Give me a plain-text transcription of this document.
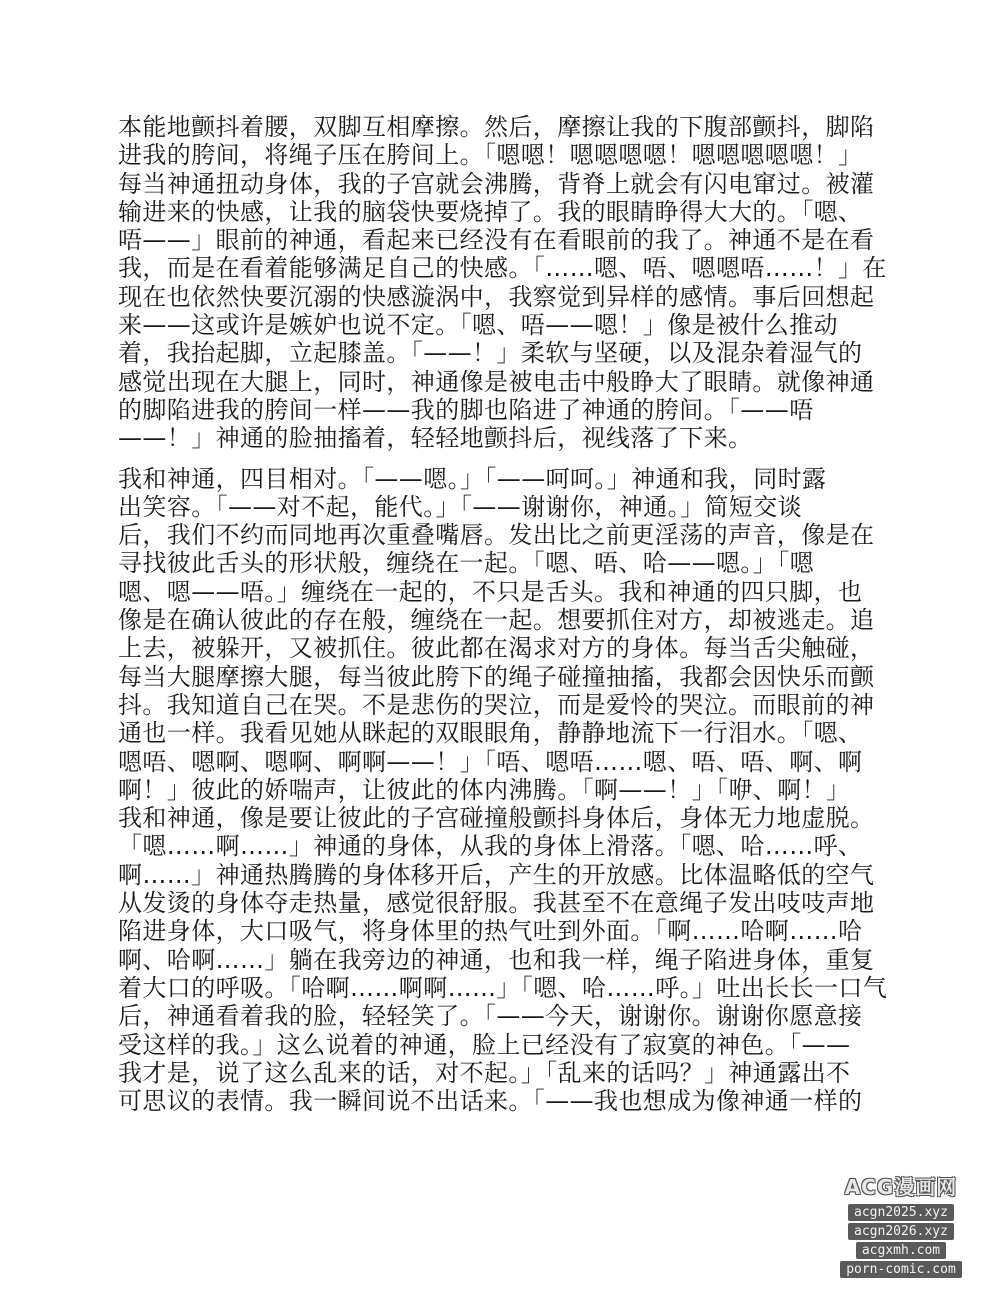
本能地颤抖着腰，双脚互相摩擦。然后，摩擦让我的下腹部颤抖，脚陷
进我的胯间，将绳子压在胯间上。「嗯嗯！嗯嗯嗯嗯！嗯嗯嗯嗯嗯！」
每当神通扭动身体，我的子宫就会沸腾，背脊上就会有闪电窜过。被灌
输进来的快感，让我的脑袋快要烧掉了。我的眼睛睁得大大的。「嗯、
唔——」眼前的神通，看起来已经没有在看眼前的我了。神通不是在看
我，而是在看着能够满足自己的快感。「……嗯、唔、嗯嗯唔……！」在
现在也依然快要沉溺的快感漩涡中，我察觉到异样的感情。事后回想起
来——这或许是嫉妒也说不定。「嗯、唔——嗯！」像是被什么推动
着，我抬起脚，立起膝盖。「——！」柔软与坚硬，以及混杂着湿气的
感觉出现在大腿上，同时，神通像是被电击中般睁大了眼睛。就像神通
的脚陷进我的胯间一样——我的脚也陷进了神通的胯间。「——唔
——！」神通的脸抽搐着，轻轻地颤抖后，视线落了下来。
我和神通，四目相对。「——嗯。」「——呵呵。」神通和我，同时露
出笑容。「——对不起，能代。」「——谢谢你，神通。」简短交谈
后，我们不约而同地再次重叠嘴唇。发出比之前更淫荡的声音，像是在
寻找彼此舌头的形状般，缠绕在一起。「嗯、唔、哈——嗯。」「嗯
嗯、嗯——唔。」缠绕在一起的，不只是舌头。我和神通的四只脚，也
像是在确认彼此的存在般，缠绕在一起。想要抓住对方，却被逃走。追
上去，被躲开，又被抓住。彼此都在渴求对方的身体。每当舌尖触碰，
每当大腿摩擦大腿，每当彼此胯下的绳子碰撞抽搐，我都会因快乐而颤
抖。我知道自己在哭。不是悲伤的哭泣，而是爱怜的哭泣。而眼前的神
通也一样。我看见她从眯起的双眼眼角，静静地流下一行泪水。「嗯、
嗯唔、嗯啊、嗯啊、啊啊——！」「唔、嗯唔……嗯、唔、唔、啊、啊
啊！」彼此的娇喘声，让彼此的体内沸腾。「啊——！」「咿、啊！」
我和神通，像是要让彼此的子宫碰撞般颤抖身体后，身体无力地虚脱。
「嗯……啊……」神通的身体，从我的身体上滑落。「嗯、哈……呼、
啊……」神通热腾腾的身体移开后，产生的开放感。比体温略低的空气
从发烫的身体夺走热量，感觉很舒服。我甚至不在意绳子发出吱吱声地
陷进身体，大口吸气，将身体里的热气吐到外面。「啊……哈啊……哈
啊、哈啊……」躺在我旁边的神通，也和我一样，绳子陷进身体，重复
着大口的呼吸。「哈啊……啊啊……」「嗯、哈……呼。」吐出长长一口气
后，神通看着我的脸，轻轻笑了。「——今天，谢谢你。谢谢你愿意接
受这样的我。」这么说着的神通，脸上已经没有了寂寞的神色。「——
我才是，说了这么乱来的话，对不起。」「乱来的话吗？」神通露出不
可思议的表情。我一瞬间说不出话来。「——我也想成为像神通一样的
ACG漫画网
acgn2025.xyz
acgn2026.xyz
acgxmh.com
porn-comic.com
